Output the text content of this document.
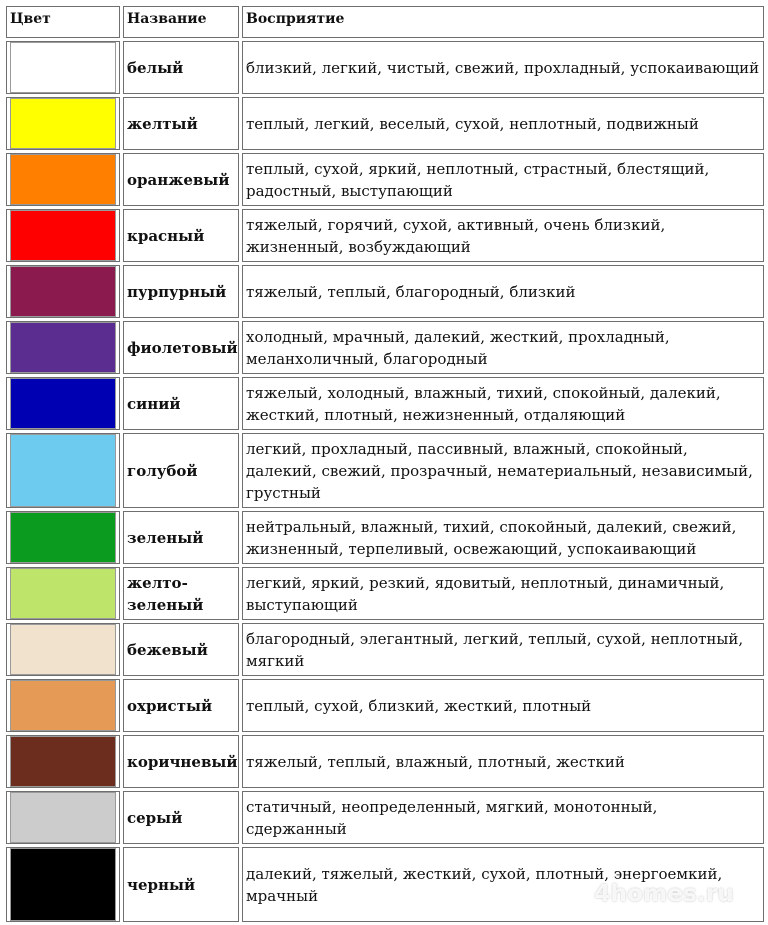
Цвет	Название	Восприятие

	белый	близкий, легкий, чистый, свежий, прохладный, успокаивающий

	желтый	теплый, легкий, веселый, сухой, неплотный, подвижный

	оранжевый	теплый, сухой, яркий, неплотный, страстный, блестящий, радостный, выступающий

	красный	тяжелый, горячий, сухой, активный, очень близкий, жизненный, возбуждающий

	пурпурный	тяжелый, теплый, благородный, близкий

	фиолетовый	холодный, мрачный, далекий, жесткий, прохладный, меланхоличный, благородный

	синий	тяжелый, холодный, влажный, тихий, спокойный, далекий, жесткий, плотный, нежизненный, отдаляющий

	голубой	легкий, прохладный, пассивный, влажный, спокойный, далекий, свежий, прозрачный, нематериальный, независимый, грустный

	зеленый	нейтральный, влажный, тихий, спокойный, далекий, свежий, жизненный, терпеливый, освежающий, успокаивающий

	желто-зеленый	легкий, яркий, резкий, ядовитый, неплотный, динамичный, выступающий

	бежевый	благородный, элегантный, легкий, теплый, сухой, неплотный, мягкий

	охристый	теплый, сухой, близкий, жесткий, плотный

	коричневый	тяжелый, теплый, влажный, плотный, жесткий

	серый	статичный, неопределенный, мягкий, монотонный, сдержанный

	черный	далекий, тяжелый, жесткий, сухой, плотный, энергоемкий, мрачный	4homes.ru
